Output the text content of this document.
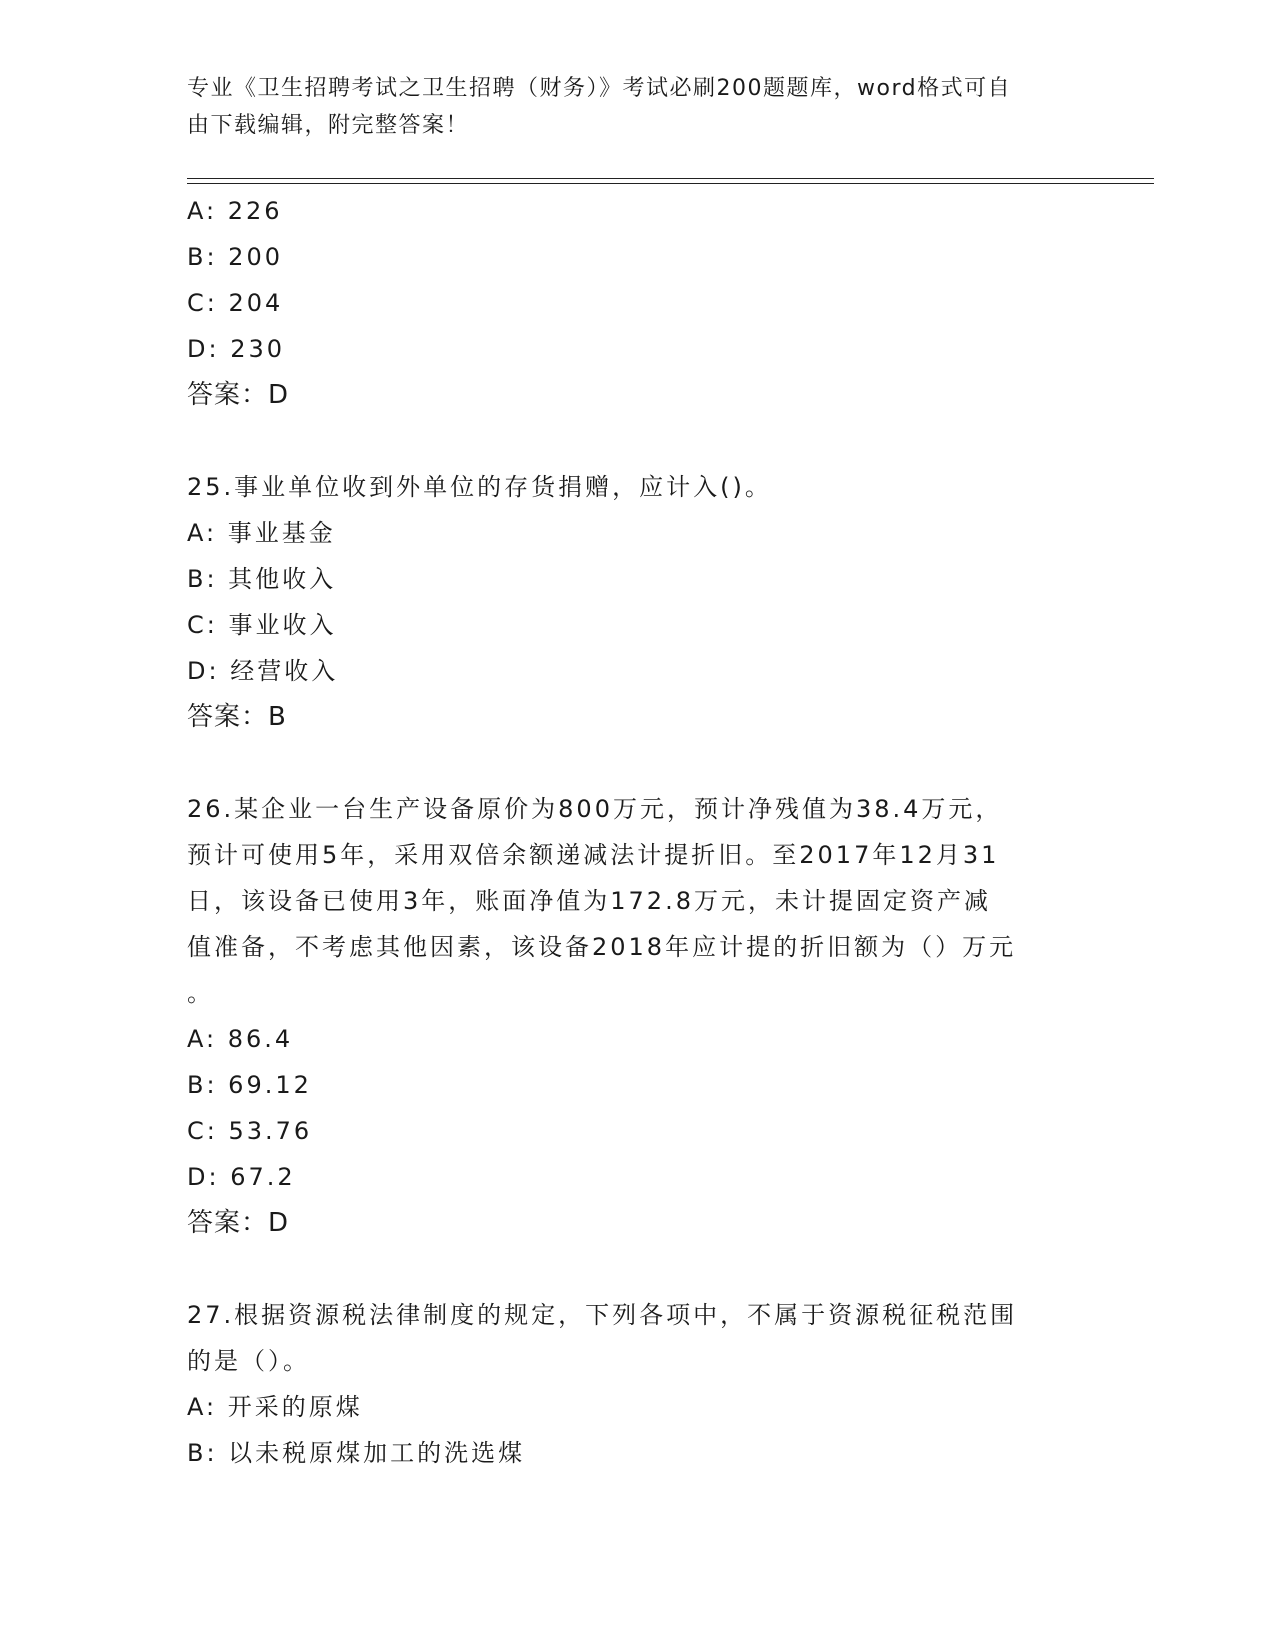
专业《卫生招聘考试之卫生招聘（财务）》考试必刷200题题库，word格式可自
由下载编辑，附完整答案！
A: 226
B: 200
C: 204
D: 230
答案：D
25.事业单位收到外单位的存货捐赠，应计入()。
A: 事业基金
B: 其他收入
C: 事业收入
D: 经营收入
答案：B
26.某企业一台生产设备原价为800万元，预计净残值为38.4万元，
预计可使用5年，采用双倍余额递减法计提折旧。至2017年12月31
日，该设备已使用3年，账面净值为172.8万元，未计提固定资产减
值准备，不考虑其他因素，该设备2018年应计提的折旧额为（）万元
。
A: 86.4
B: 69.12
C: 53.76
D: 67.2
答案：D
27.根据资源税法律制度的规定，下列各项中，不属于资源税征税范围
的是（）。
A: 开采的原煤
B: 以未税原煤加工的洗选煤
